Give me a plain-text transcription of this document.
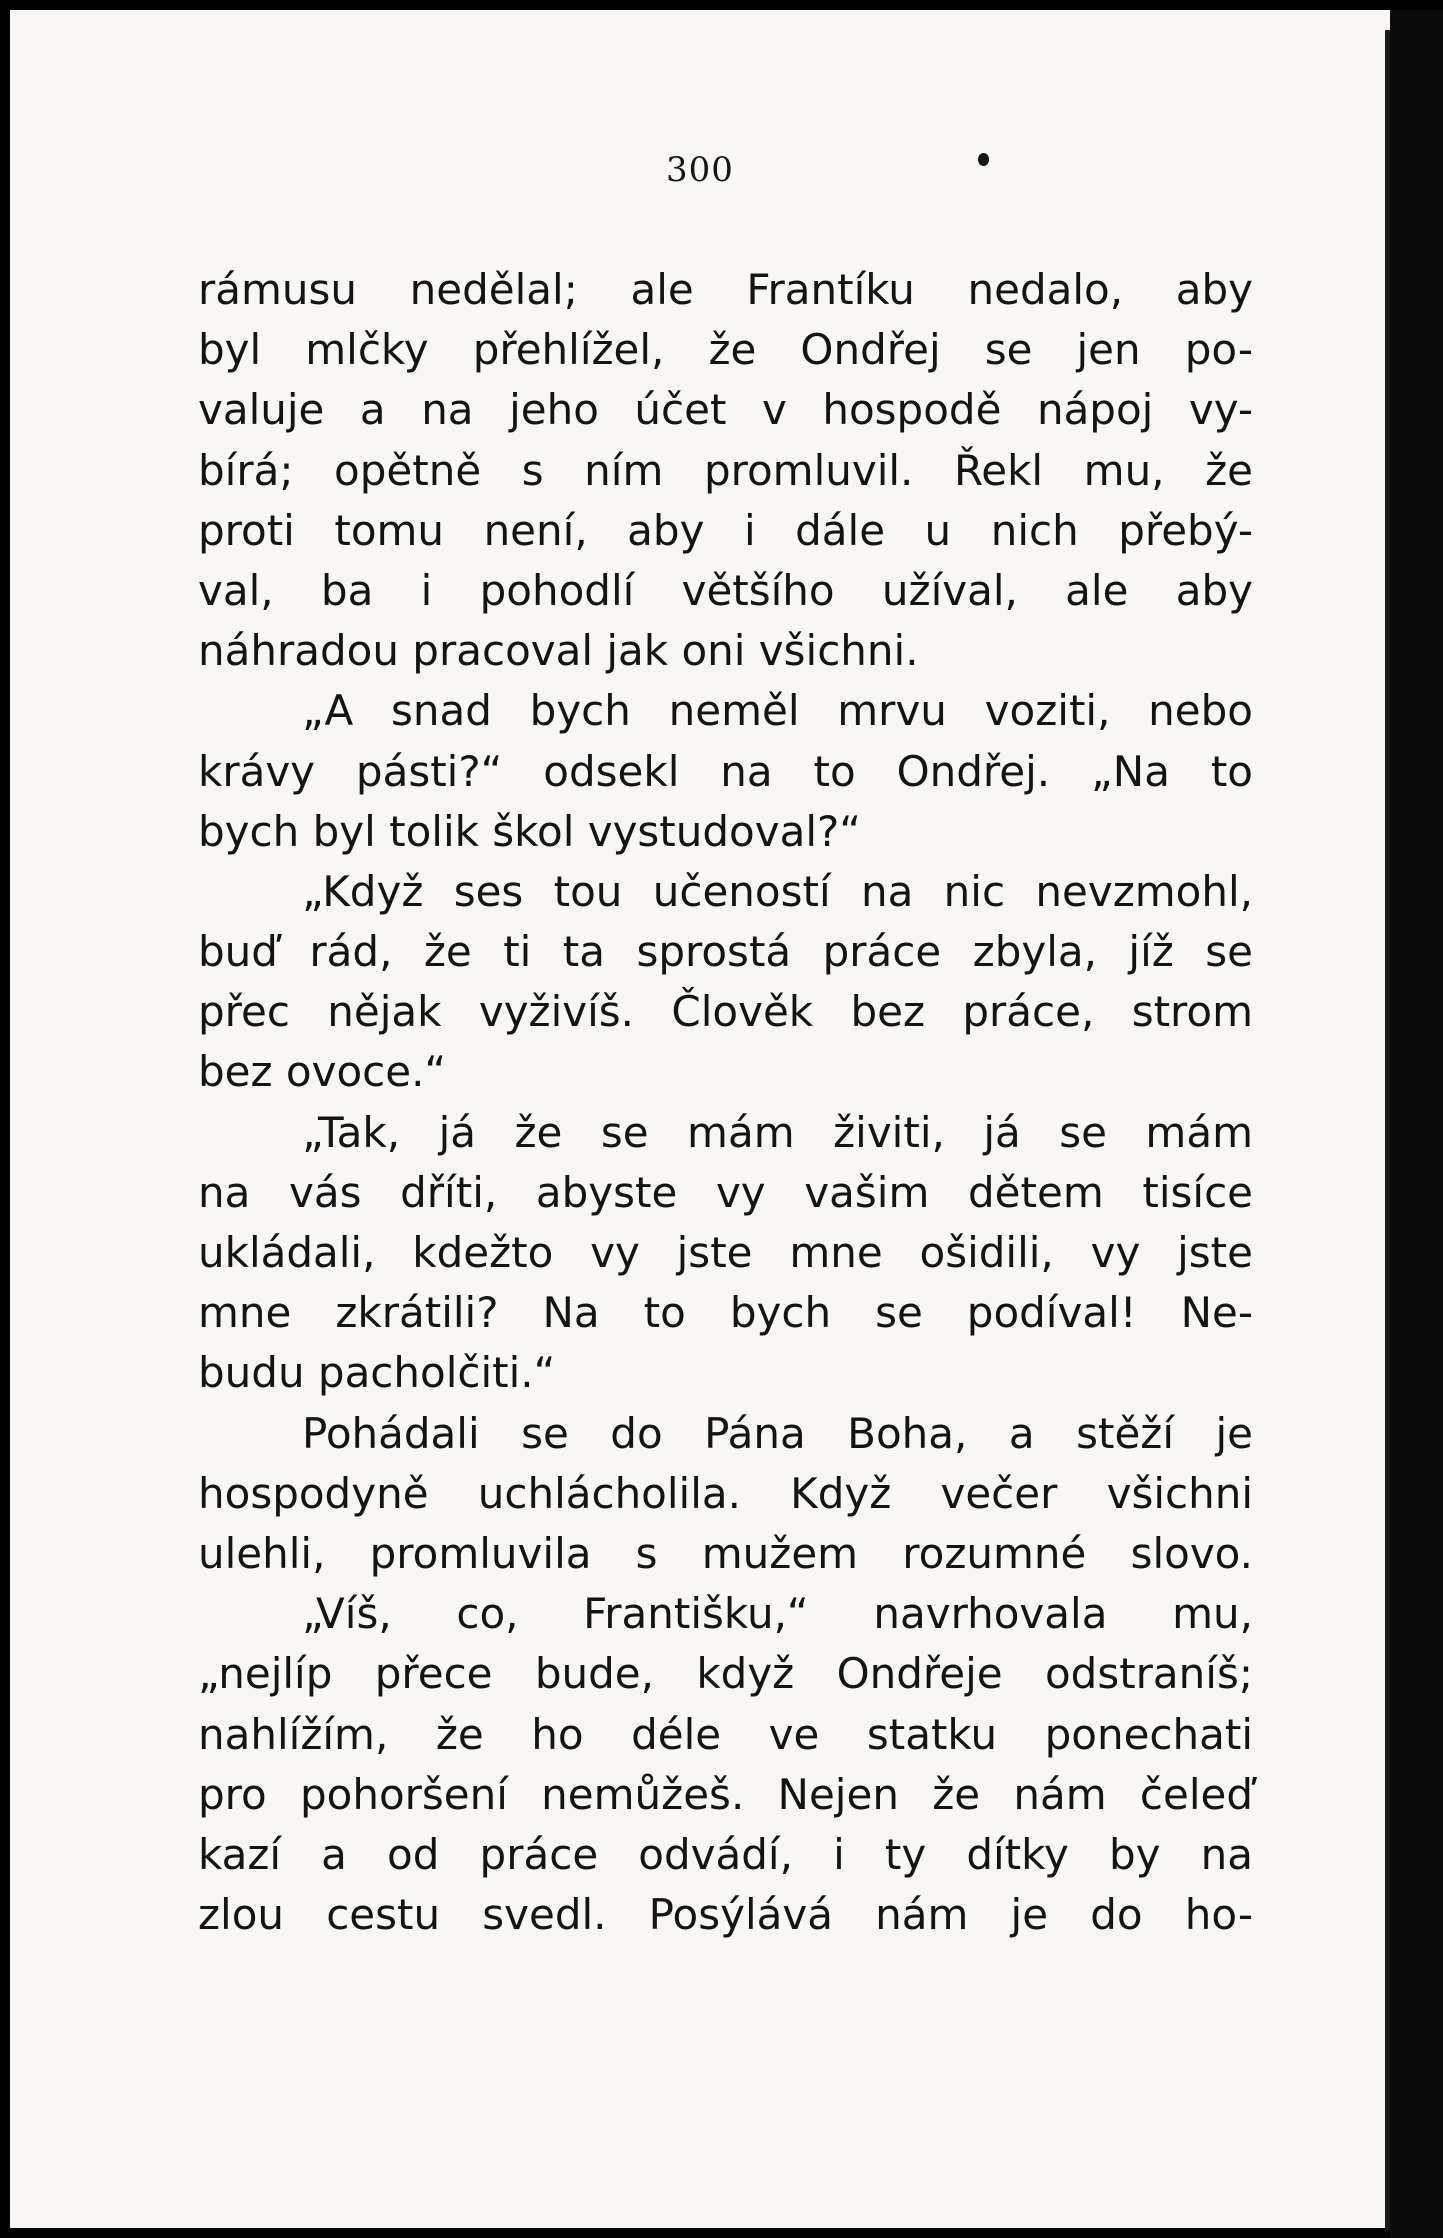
300
rámusu nedělal; ale Frantíku nedalo, aby
byl mlčky přehlížel, že Ondřej se jen po-
valuje a na jeho účet v hospodě nápoj vy-
bírá; opětně s ním promluvil. Řekl mu, že
proti tomu není, aby i dále u nich přebý-
val, ba i pohodlí většího užíval, ale aby
náhradou pracoval jak oni všichni.
„A snad bych neměl mrvu voziti, nebo
krávy pásti?“ odsekl na to Ondřej. „Na to
bych byl tolik škol vystudoval?“
„Když ses tou učeností na nic nevzmohl,
buď rád, že ti ta sprostá práce zbyla, jíž se
přec nějak vyživíš. Člověk bez práce, strom
bez ovoce.“
„Tak, já že se mám živiti, já se mám
na vás dříti, abyste vy vašim dětem tisíce
ukládali, kdežto vy jste mne ošidili, vy jste
mne zkrátili? Na to bych se podíval! Ne-
budu pacholčiti.“
Pohádali se do Pána Boha, a stěží je
hospodyně uchlácholila. Když večer všichni
ulehli, promluvila s mužem rozumné slovo.
„Víš, co, Františku,“ navrhovala mu,
„nejlíp přece bude, když Ondřeje odstraníš;
nahlížím, že ho déle ve statku ponechati
pro pohoršení nemůžeš. Nejen že nám čeleď
kazí a od práce odvádí, i ty dítky by na
zlou cestu svedl. Posýlává nám je do ho-
